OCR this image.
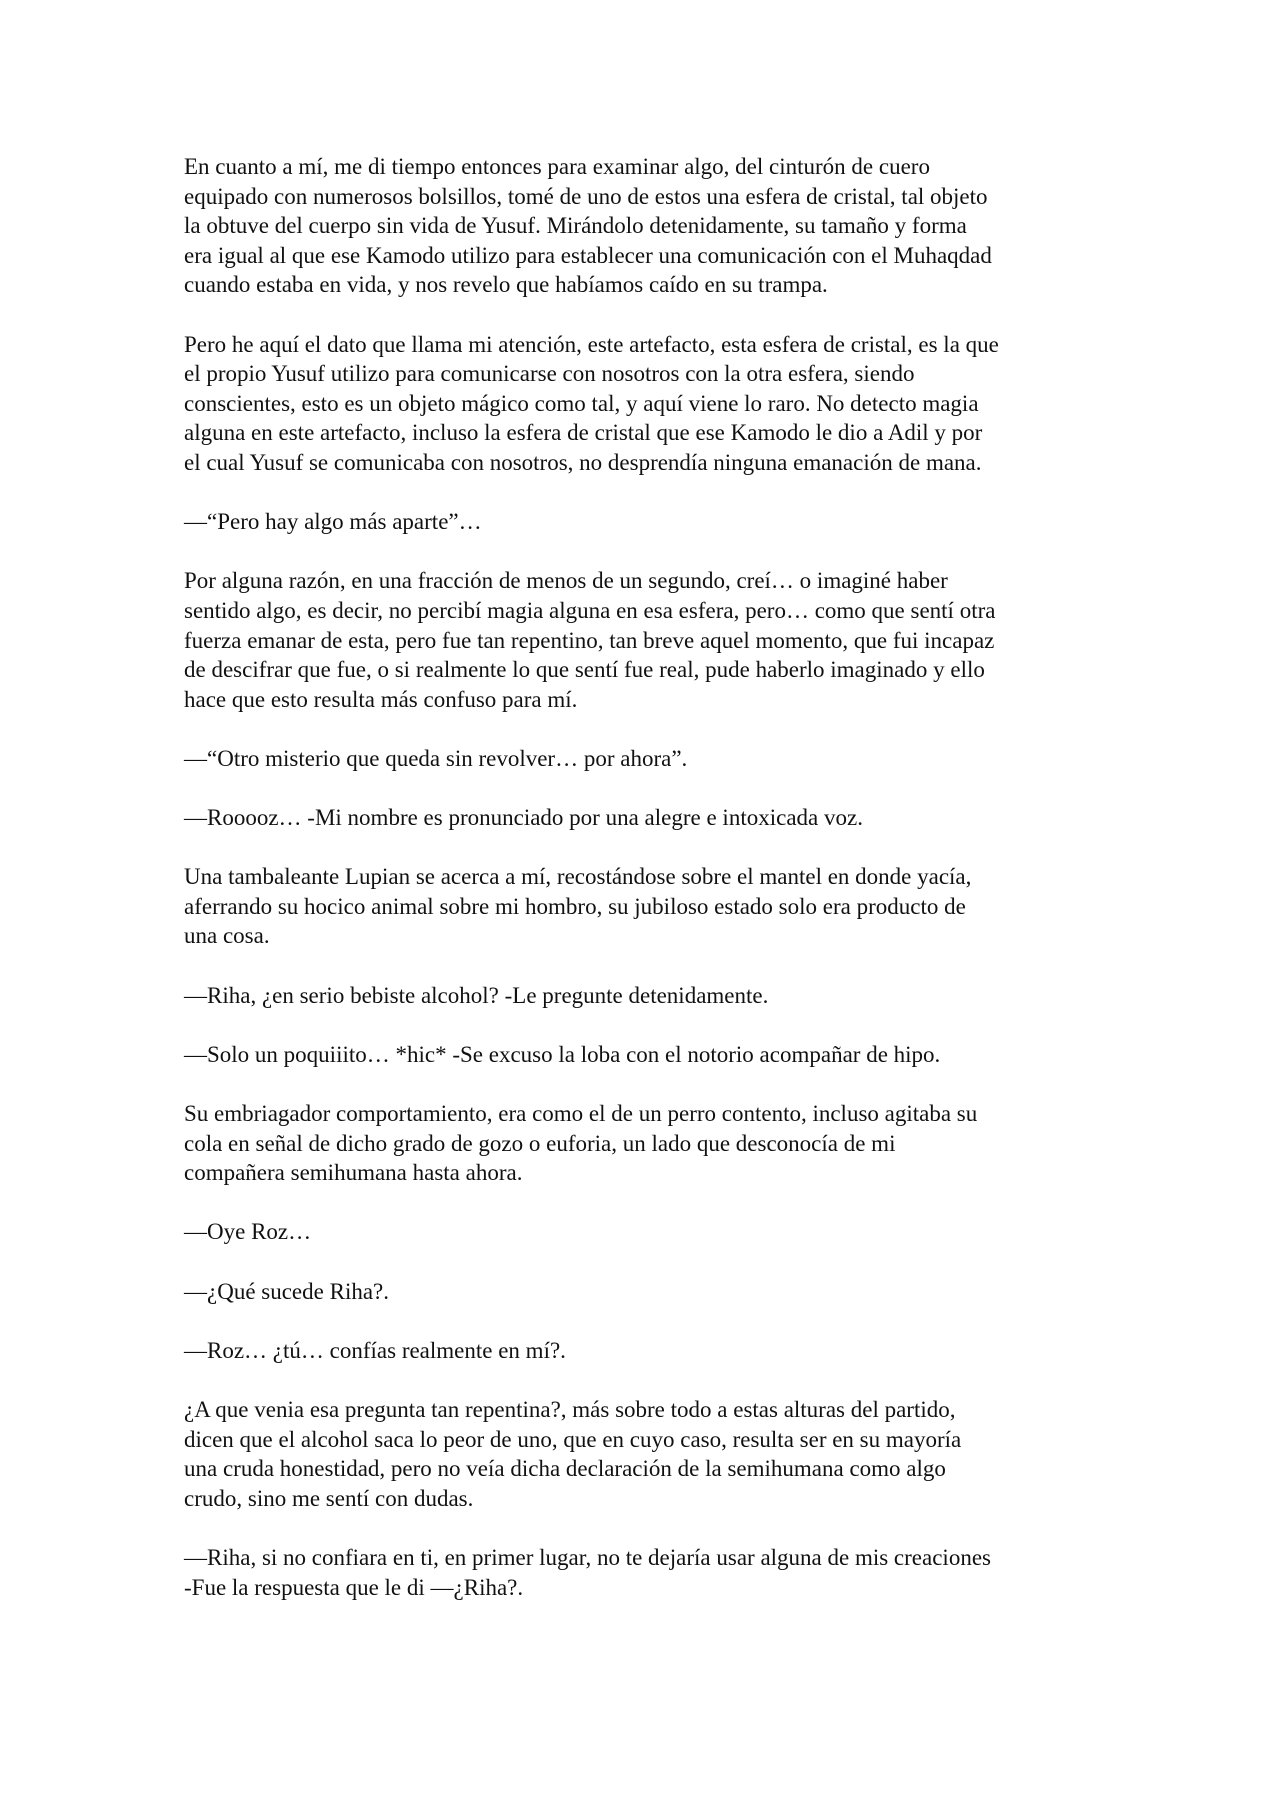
En cuanto a mí, me di tiempo entonces para examinar algo, del cinturón de cuero
equipado con numerosos bolsillos, tomé de uno de estos una esfera de cristal, tal objeto
la obtuve del cuerpo sin vida de Yusuf. Mirándolo detenidamente, su tamaño y forma
era igual al que ese Kamodo utilizo para establecer una comunicación con el Muhaqdad
cuando estaba en vida, y nos revelo que habíamos caído en su trampa.

Pero he aquí el dato que llama mi atención, este artefacto, esta esfera de cristal, es la que
el propio Yusuf utilizo para comunicarse con nosotros con la otra esfera, siendo
conscientes, esto es un objeto mágico como tal, y aquí viene lo raro. No detecto magia
alguna en este artefacto, incluso la esfera de cristal que ese Kamodo le dio a Adil y por
el cual Yusuf se comunicaba con nosotros, no desprendía ninguna emanación de mana.

—“Pero hay algo más aparte”…

Por alguna razón, en una fracción de menos de un segundo, creí… o imaginé haber
sentido algo, es decir, no percibí magia alguna en esa esfera, pero… como que sentí otra
fuerza emanar de esta, pero fue tan repentino, tan breve aquel momento, que fui incapaz
de descifrar que fue, o si realmente lo que sentí fue real, pude haberlo imaginado y ello
hace que esto resulta más confuso para mí.

—“Otro misterio que queda sin revolver… por ahora”.

—Rooooz… -Mi nombre es pronunciado por una alegre e intoxicada voz.

Una tambaleante Lupian se acerca a mí, recostándose sobre el mantel en donde yacía,
aferrando su hocico animal sobre mi hombro, su jubiloso estado solo era producto de
una cosa.

—Riha, ¿en serio bebiste alcohol? -Le pregunte detenidamente.

—Solo un poquiiito… *hic* -Se excuso la loba con el notorio acompañar de hipo.

Su embriagador comportamiento, era como el de un perro contento, incluso agitaba su
cola en señal de dicho grado de gozo o euforia, un lado que desconocía de mi
compañera semihumana hasta ahora.

—Oye Roz…

—¿Qué sucede Riha?.

—Roz… ¿tú… confías realmente en mí?.

¿A que venia esa pregunta tan repentina?, más sobre todo a estas alturas del partido,
dicen que el alcohol saca lo peor de uno, que en cuyo caso, resulta ser en su mayoría
una cruda honestidad, pero no veía dicha declaración de la semihumana como algo
crudo, sino me sentí con dudas.

—Riha, si no confiara en ti, en primer lugar, no te dejaría usar alguna de mis creaciones
-Fue la respuesta que le di —¿Riha?.
